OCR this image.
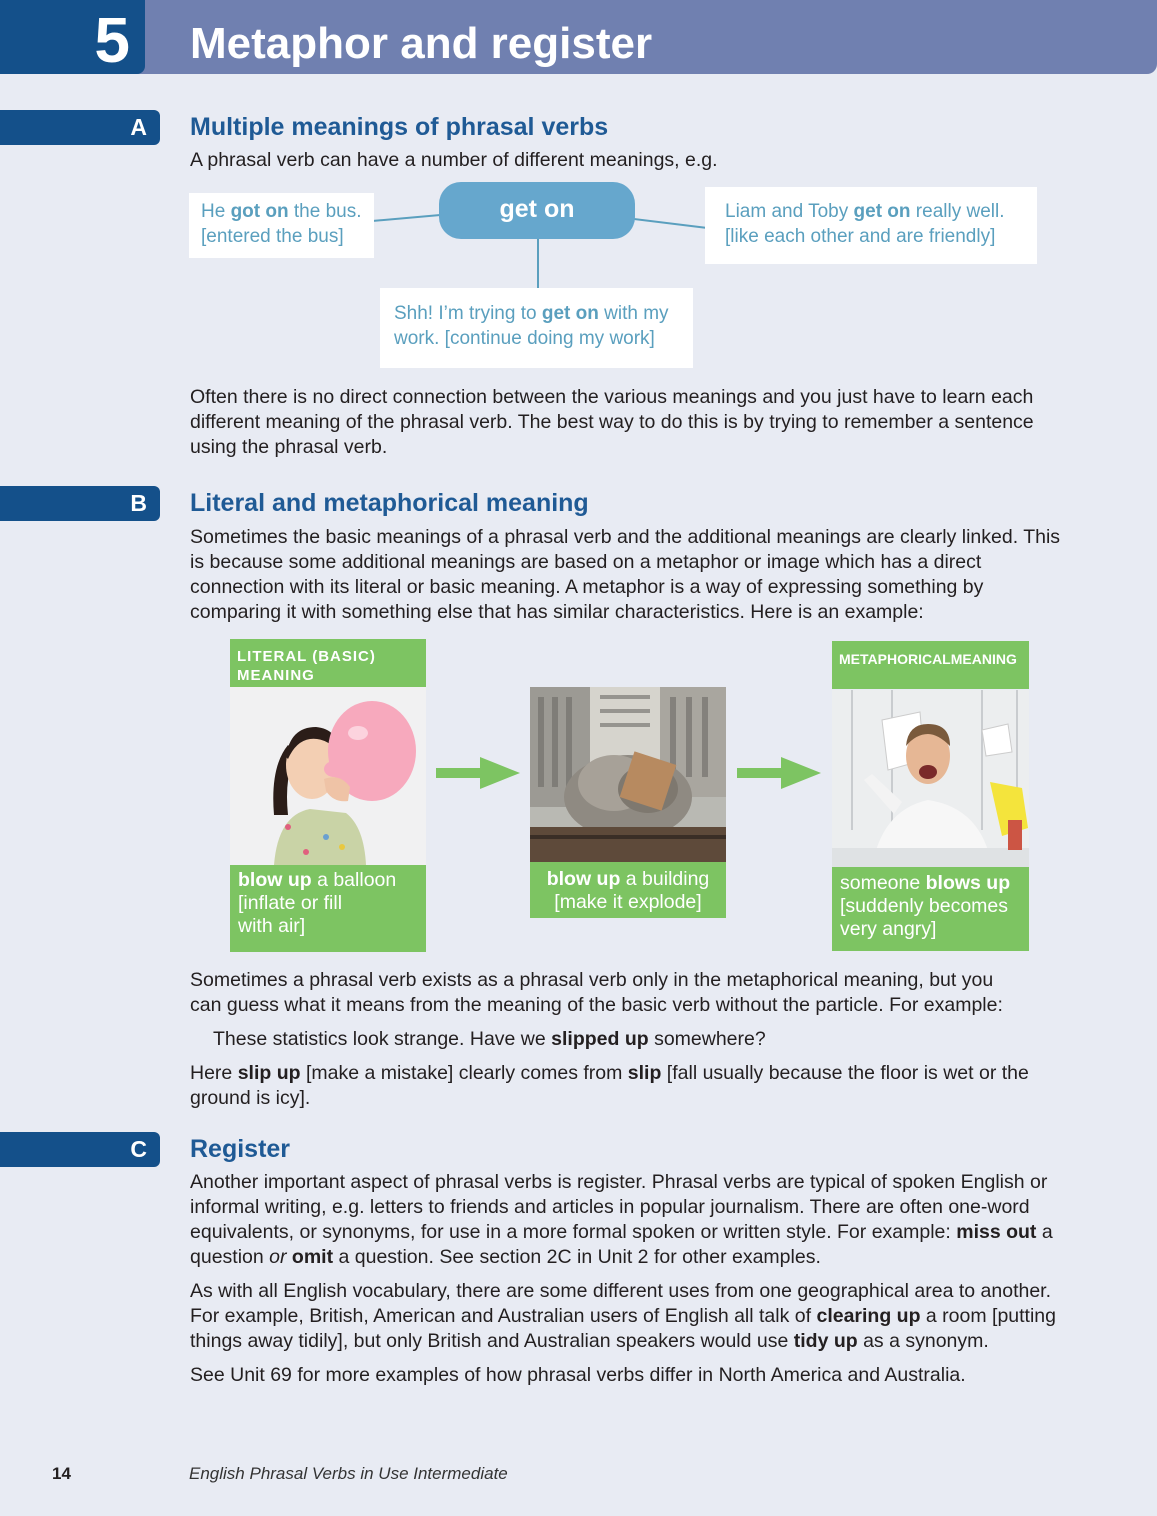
5 Metaphor and register
A	Multiple meanings of phrasal verbs
A phrasal verb can have a number of different meanings, e.g.
He got on the bus.
[entered the bus]
get on	Liam and Toby get on really well.
[like each other and are friendly]
Shh! I’m trying to get on with my
work. [continue doing my work]
Often there is no direct connection between the various meanings and you just have to learn each different meaning of the phrasal verb. The best way to do this is by trying to remember a sentence using the phrasal verb.
B	Literal and metaphorical meaning
Sometimes the basic meanings of a phrasal verb and the additional meanings are clearly linked. This is because some additional meanings are based on a metaphor or image which has a direct connection with its literal or basic meaning. A metaphor is a way of expressing something by comparing it with something else that has similar characteristics. Here is an example:
LITERAL (BASIC) MEANING
blow up a balloon
[inflate or fill
with air]
blow up a building
[make it explode]
METAPHORICALMEANING
someone blows up
[suddenly becomes
very angry]
Sometimes a phrasal verb exists as a phrasal verb only in the metaphorical meaning, but you
can guess what it means from the meaning of the basic verb without the particle. For example:
These statistics look strange. Have we slipped up somewhere?
Here slip up [make a mistake] clearly comes from slip [fall usually because the floor is wet or the ground is icy].
C	Register
Another important aspect of phrasal verbs is register. Phrasal verbs are typical of spoken English or informal writing, e.g. letters to friends and articles in popular journalism. There are often one-word equivalents, or synonyms, for use in a more formal spoken or written style. For example: miss out a question or omit a question. See section 2C in Unit 2 for other examples.
As with all English vocabulary, there are some different uses from one geographical area to another. For example, British, American and Australian users of English all talk of clearing up a room [putting things away tidily], but only British and Australian speakers would use tidy up as a synonym.
See Unit 69 for more examples of how phrasal verbs differ in North America and Australia.
14	English Phrasal Verbs in Use Intermediate
